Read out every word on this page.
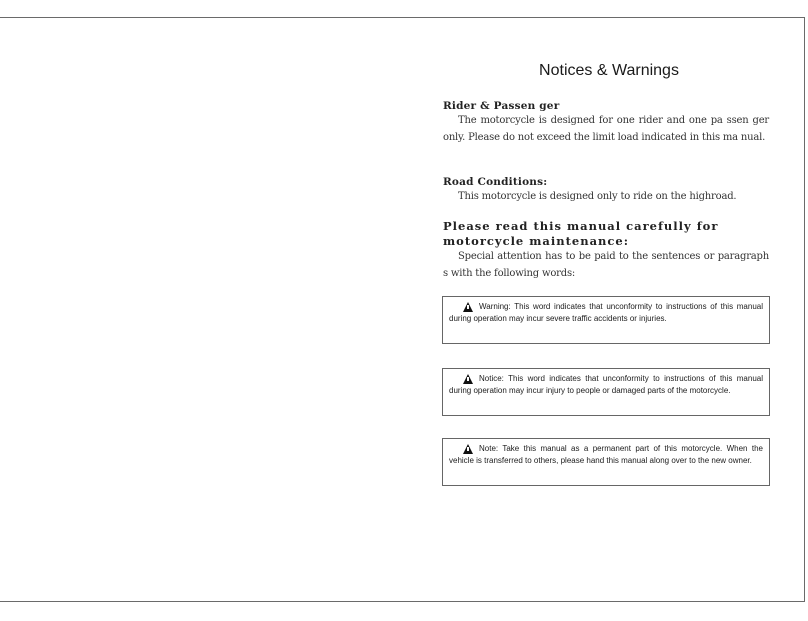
Notices & Warnings
Rider & Passen ger
The motorcycle is designed for one rider and one pa ssen ger only. Please do not exceed the limit load indicated in this ma nual.
Road Conditions:
This motorcycle is designed only to ride on the highroad.
Please read this manual carefully for motorcycle maintenance:
Special attention has to be paid to the sentences or paragraph s with the following words:
Warning: This word indicates that unconformity to instructions of this manual during operation may incur severe traffic accidents or injuries.
Notice: This word indicates that unconformity to instructions of this manual during operation may incur injury to people or damaged parts of the motorcycle.
Note: Take this manual as a permanent part of this motorcycle. When the vehicle is transferred to others, please hand this manual along over to the new owner.
